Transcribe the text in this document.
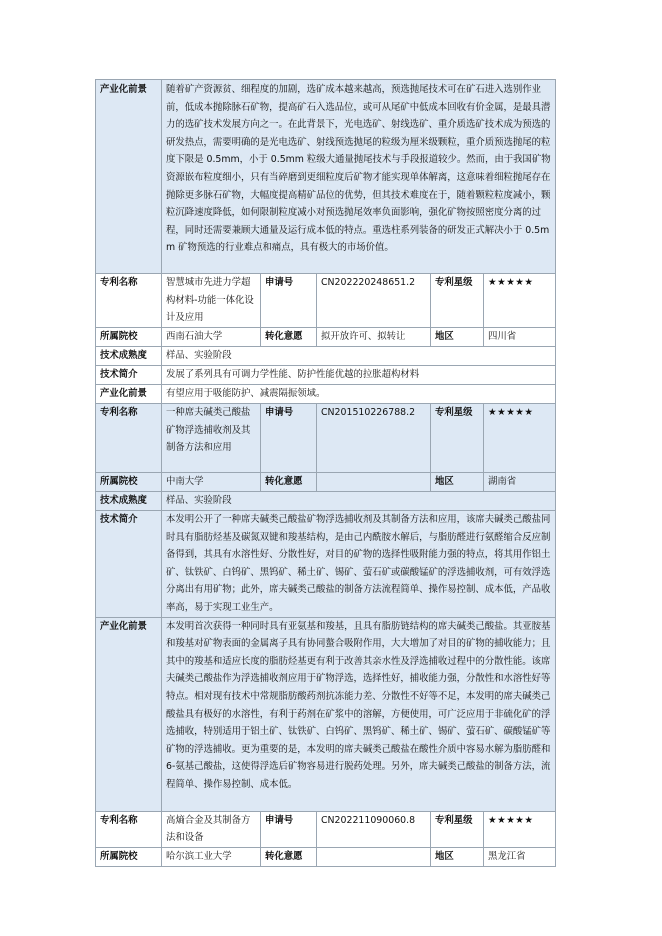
产业化前景	随着矿产资源贫、细程度的加剧，选矿成本越来越高，预选抛尾技术可在矿石进入选别作业前，低成本抛除脉石矿物，提高矿石入选品位，或可从尾矿中低成本回收有价金属，是最具潜力的选矿技术发展方向之一。在此背景下，光电选矿、射线选矿、重介质选矿技术成为预选的研发热点，需要明确的是光电选矿、射线预选抛尾的粒级为厘米级颗粒，重介质预选抛尾的粒度下限是 0.5mm，小于 0.5mm 粒级大通量抛尾技术与手段报道较少。然而，由于我国矿物资源嵌布粒度细小，只有当碎磨到更细粒度后矿物才能实现单体解离，这意味着细粒抛尾存在抛除更多脉石矿物，大幅度提高精矿品位的优势，但其技术难度在于，随着颗粒粒度减小，颗粒沉降速度降低，如何限制粒度减小对预选抛尾效率负面影响，强化矿物按照密度分离的过程，同时还需要兼顾大通量及运行成本低的特点。重选柱系列装备的研发正式解决小于 0.5mm 矿物预选的行业难点和痛点，具有极大的市场价值。				
专利名称	智慧城市先进力学超构材料-功能一体化设计及应用	申请号	CN202220248651.2	专利星级	★★★★★
所属院校	西南石油大学	转化意愿	拟开放许可、拟转让	地区	四川省
技术成熟度	样品、实验阶段				
技术简介	发展了系列具有可调力学性能、防护性能优越的拉胀超构材料				
产业化前景	有望应用于吸能防护、减震隔振领域。				
专利名称	一种席夫碱类己酸盐矿物浮选捕收剂及其制备方法和应用	申请号	CN201510226788.2	专利星级	★★★★★
所属院校	中南大学	转化意愿		地区	湖南省
技术成熟度	样品、实验阶段				
技术简介	本发明公开了一种席夫碱类己酸盐矿物浮选捕收剂及其制备方法和应用，该席夫碱类己酸盐同时具有脂肪烃基及碳氮双键和羧基结构，是由己内酰胺水解后，与脂肪醛进行氨醛缩合反应制备得到，其具有水溶性好、分散性好，对目的矿物的选择性吸附能力强的特点，将其用作铝土矿、钛铁矿、白钨矿、黑钨矿、稀土矿、锡矿、萤石矿或碳酸锰矿的浮选捕收剂，可有效浮选分离出有用矿物；此外，席夫碱类己酸盐的制备方法流程简单、操作易控制、成本低，产品收率高，易于实现工业生产。				
产业化前景	本发明首次获得一种同时具有亚氨基和羧基，且具有脂肪链结构的席夫碱类己酸盐。其亚胺基和羧基对矿物表面的金属离子具有协同螯合吸附作用，大大增加了对目的矿物的捕收能力；且其中的羧基和适应长度的脂肪烃基更有利于改善其亲水性及浮选捕收过程中的分散性能。该席夫碱类己酸盐作为浮选捕收剂应用于矿物浮选，选择性好，捕收能力强，分散性和水溶性好等特点。相对现有技术中常规脂肪酸药剂抗冻能力差、分散性不好等不足，本发明的席夫碱类己酸盐具有极好的水溶性，有利于药剂在矿浆中的溶解，方便使用，可广泛应用于非硫化矿的浮选捕收，特别适用于铝土矿、钛铁矿、白钨矿、黑钨矿、稀土矿、锡矿、萤石矿、碳酸锰矿等矿物的浮选捕收。更为重要的是，本发明的席夫碱类己酸盐在酸性介质中容易水解为脂肪醛和 6-氨基己酸盐，这使得浮选后矿物容易进行脱药处理。另外，席夫碱类己酸盐的制备方法，流程简单、操作易控制、成本低。				
专利名称	高熵合金及其制备方法和设备	申请号	CN202211090060.8	专利星级	★★★★★
所属院校	哈尔滨工业大学	转化意愿		地区	黑龙江省
